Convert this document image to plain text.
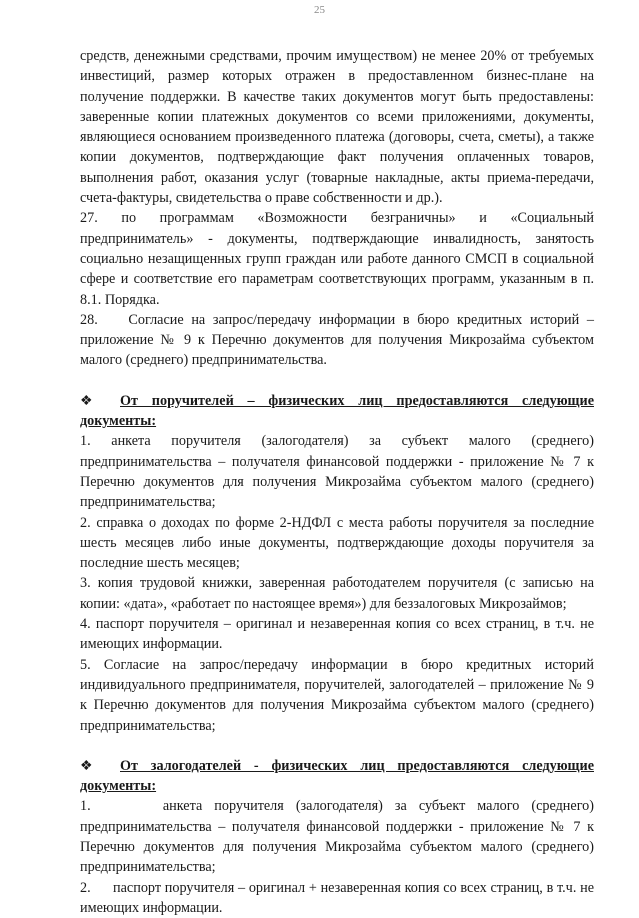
25

средств, денежными средствами, прочим имуществом) не менее 20% от требуемых инвестиций, размер которых отражен в предоставленном бизнес-плане на получение поддержки. В качестве таких документов могут быть предоставлены: заверенные копии платежных документов со всеми приложениями, документы, являющиеся основанием произведенного платежа (договоры, счета, сметы), а также копии документов, подтверждающие факт получения оплаченных товаров, выполнения работ, оказания услуг (товарные накладные, акты приема-передачи, счета-фактуры, свидетельства о праве собственности и др.).

27.    по    программам    «Возможности    безграничны»    и    «Социальный предприниматель» - документы, подтверждающие инвалидность, занятость социально незащищенных групп граждан или работе данного СМСП в социальной сфере и соответствие его параметрам соответствующих программ, указанным в п. 8.1. Порядка.

28.    Согласие на запрос/передачу информации в бюро кредитных историй – приложение № 9 к Перечню документов для получения Микрозайма субъектом малого (среднего) предпринимательства.

❖ От поручителей – физических лиц предоставляются следующие документы:

1. анкета поручителя (залогодателя) за субъект малого (среднего) предпринимательства – получателя финансовой поддержки - приложение № 7 к Перечню документов для получения Микрозайма субъектом малого (среднего) предпринимательства;

2. справка о доходах по форме 2-НДФЛ с места работы поручителя за последние шесть месяцев либо иные документы, подтверждающие доходы поручителя за последние шесть месяцев;

3. копия трудовой книжки, заверенная работодателем поручителя (с записью на копии: «дата», «работает по настоящее время») для беззалоговых Микрозаймов;

4. паспорт поручителя – оригинал и незаверенная копия со всех страниц, в т.ч. не имеющих информации.

5. Согласие на запрос/передачу информации в бюро кредитных историй индивидуального предпринимателя, поручителей, залогодателей – приложение № 9 к Перечню документов для получения Микрозайма субъектом малого (среднего) предпринимательства;

❖ От залогодателей - физических лиц предоставляются следующие документы:

1.      анкета поручителя (залогодателя) за субъект малого (среднего) предпринимательства – получателя финансовой поддержки - приложение № 7 к Перечню документов для получения Микрозайма субъектом малого (среднего) предпринимательства;

2.      паспорт поручителя – оригинал + незаверенная копия со всех страниц, в т.ч. не имеющих информации.
